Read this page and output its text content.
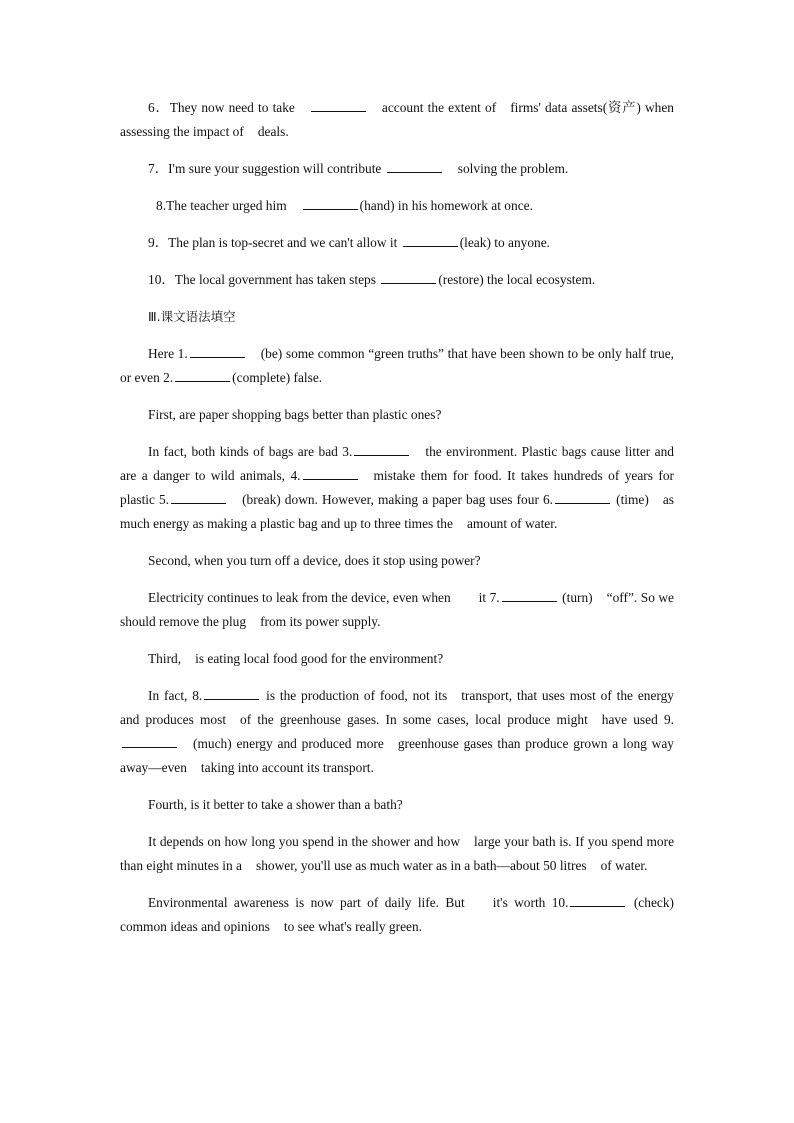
6．They now need to take	account the extent of firms' data assets(资产) when assessing the impact of deals.
7．I'm sure your suggestion will contribute	solving the problem.
8.The teacher urged him	(hand) in his homework at once.
9．The plan is top-secret and we can't allow it	(leak) to anyone.
10．The local government has taken steps	(restore) the local ecosystem.
Ⅲ.课文语法填空
Here 1.	(be) some common “green truths” that have been shown to be only half true, or even 2.	(complete) false.
First, are paper shopping bags better than plastic ones?
In fact, both kinds of bags are bad 3.	the environment. Plastic bags cause litter and are a danger to wild animals, 4.	mistake them for food. It takes hundreds of years for plastic 5.	(break) down. However, making a paper bag uses four 6.	(time) as much energy as making a plastic bag and up to three times the amount of water.
Second, when you turn off a device, does it stop using power?
Electricity continues to leak from the device, even when it 7.	(turn) “off”. So we should remove the plug from its power supply.
Third, is eating local food good for the environment?
In fact, 8.	is the production of food, not its transport, that uses most of the energy and produces most of the greenhouse gases. In some cases, local produce might have used 9.(much) energy and produced more greenhouse gases than produce grown a long way away—even taking into account its transport.
Fourth, is it better to take a shower than a bath?
It depends on how long you spend in the shower and how large your bath is. If you spend more than eight minutes in a shower, you'll use as much water as in a bath—about 50 litres of water.
Environmental awareness is now part of daily life. But it's worth 10.	(check) common ideas and opinions to see what's really green.
